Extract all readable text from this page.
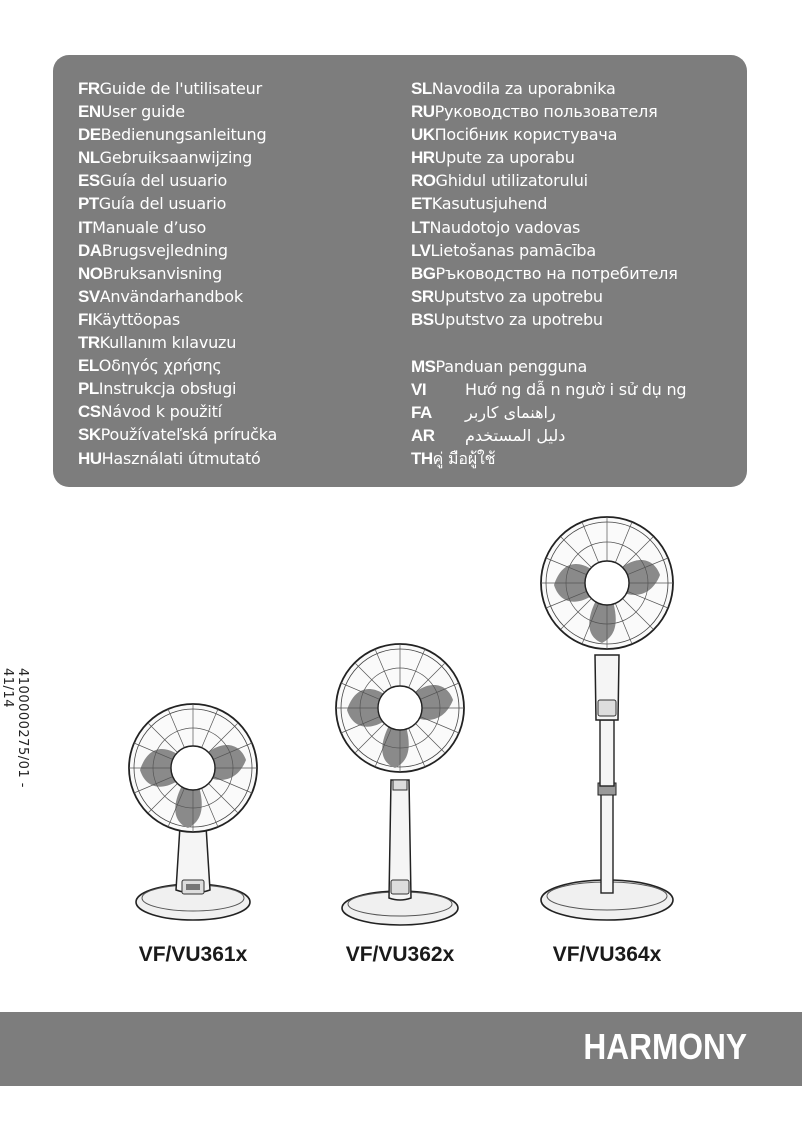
FR Guide de l'utilisateur
EN User guide
DE Bedienungsanleitung
NL Gebruiksaanwijzing
ES Guía del usuario
PT Guía del usuario
IT Manuale d’uso
DA Brugsvejledning
NO Bruksanvisning
SV Användarhandbok
FI Käyttöopas
TR Kullanım kılavuzu
EL Οδηγός χρήσης
PL Instrukcja obsługi
CS Návod k použití
SK Používateľská príručka
HU Használati útmutató
SL Navodila za uporabnika
RU Руководство пользователя
UK Посібник користувача
HR Upute za uporabu
RO Ghidul utilizatorului
ET Kasutusjuhend
LT Naudotojo vadovas
LV Lietošanas pamācība
BG Ръководство на потребителя
SR Uputstvo za upotrebu
BS Uputstvo za upotrebu
MS Panduan pengguna
VI	Hướ ng dẫ n ngườ i sử dụ ng
FA	راهنمای کاربر
AR	دليل المستخدم
TH คู่ มือผู้ใช้
4100000275/01 - 41/14
VF/VU361x	VF/VU362x	VF/VU364x
HARMONY
